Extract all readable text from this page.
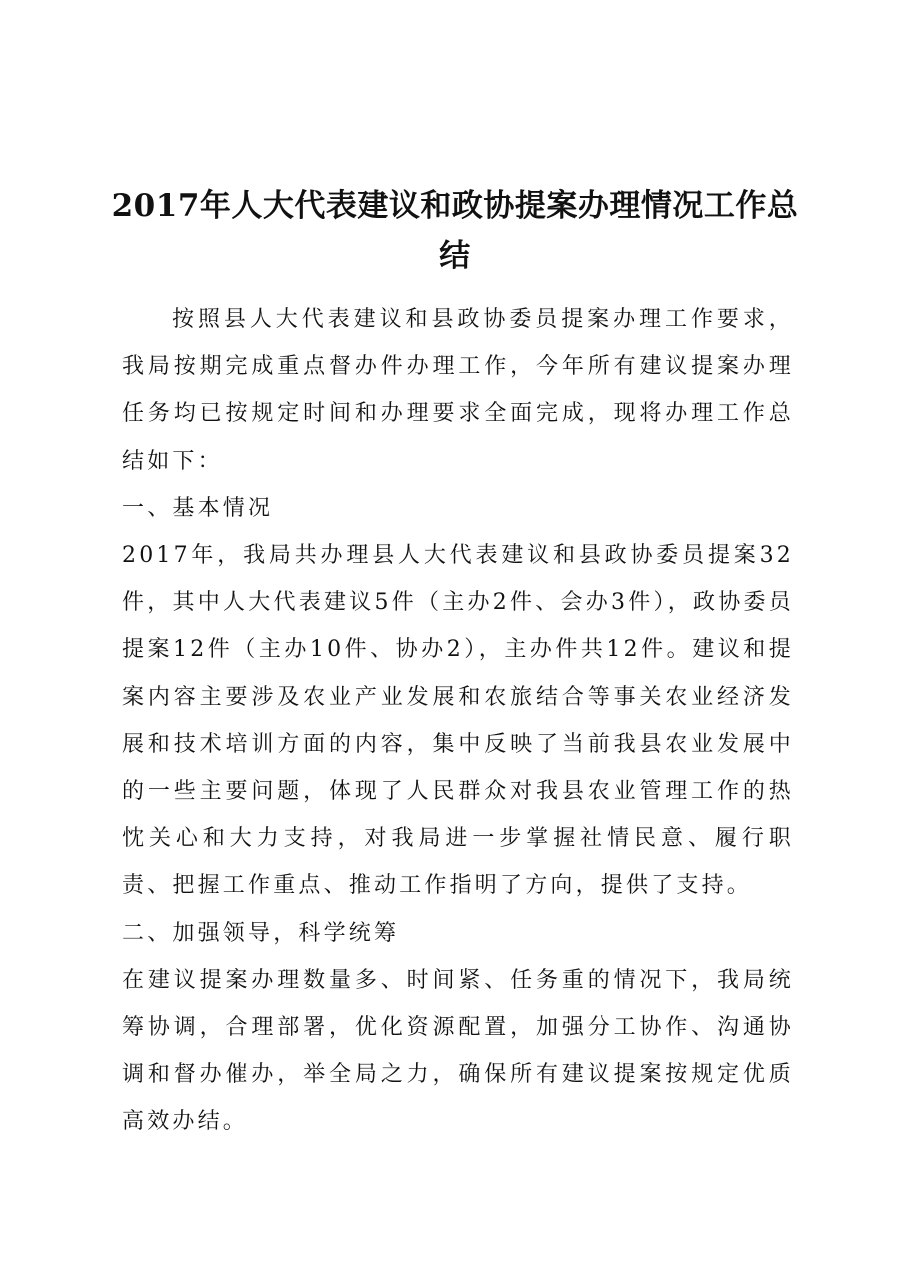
2017年人大代表建议和政协提案办理情况工作总结

按照县人大代表建议和县政协委员提案办理工作要求，我局按期完成重点督办件办理工作，今年所有建议提案办理任务均已按规定时间和办理要求全面完成，现将办理工作总结如下：

一、基本情况

2017年，我局共办理县人大代表建议和县政协委员提案32件，其中人大代表建议5件（主办2件、会办3件），政协委员提案12件（主办10件、协办2），主办件共12件。建议和提案内容主要涉及农业产业发展和农旅结合等事关农业经济发展和技术培训方面的内容，集中反映了当前我县农业发展中的一些主要问题，体现了人民群众对我县农业管理工作的热忱关心和大力支持，对我局进一步掌握社情民意、履行职责、把握工作重点、推动工作指明了方向，提供了支持。

二、加强领导，科学统筹

在建议提案办理数量多、时间紧、任务重的情况下，我局统筹协调，合理部署，优化资源配置，加强分工协作、沟通协调和督办催办，举全局之力，确保所有建议提案按规定优质高效办结。
